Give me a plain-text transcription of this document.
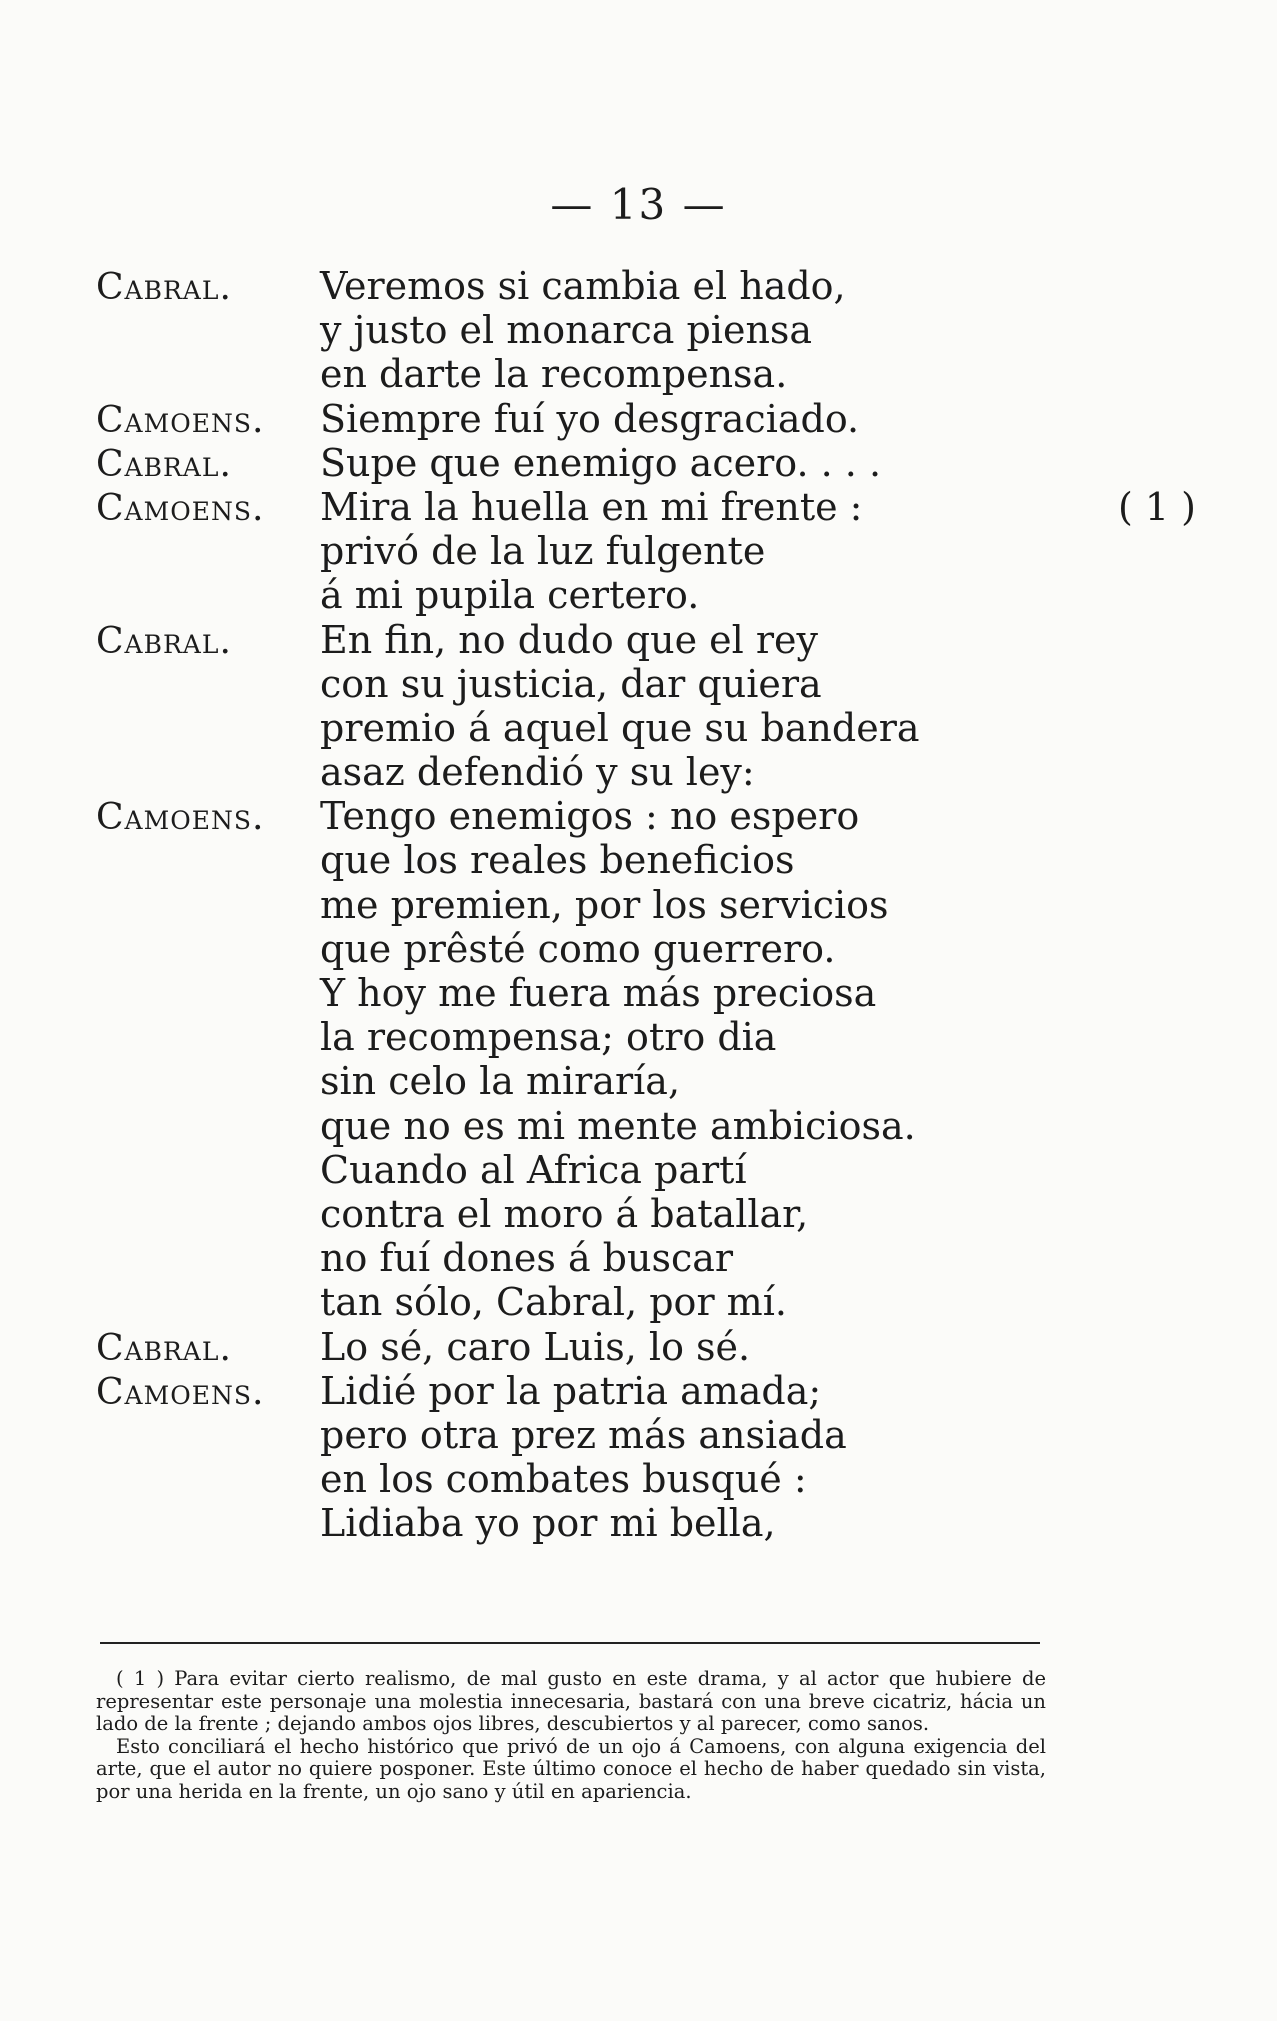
— 13 —
Cabral.	Veremos si cambia el hado,
y justo el monarca piensa
en darte la recompensa.
Camoens.	Siempre fuí yo desgraciado.
Cabral.	Supe que enemigo acero. . . .
Camoens.	Mira la huella en mi frente :	( 1 )
privó de la luz fulgente
á mi pupila certero.
Cabral.	En fin, no dudo que el rey
con su justicia, dar quiera
premio á aquel que su bandera
asaz defendió y su ley:
Camoens.	Tengo enemigos : no espero
que los reales beneficios
me premien, por los servicios
que prêsté como guerrero.
Y hoy me fuera más preciosa
la recompensa; otro dia
sin celo la miraría,
que no es mi mente ambiciosa.
Cuando al Africa partí
contra el moro á batallar,
no fuí dones á buscar
tan sólo, Cabral, por mí.
Cabral.	Lo sé, caro Luis, lo sé.
Camoens.	Lidié por la patria amada;
pero otra prez más ansiada
en los combates busqué :
Lidiaba yo por mi bella,

( 1 ) Para evitar cierto realismo, de mal gusto en este drama, y al actor que hubiere de representar este personaje una molestia innecesaria, bastará con una breve cicatriz, hácia un lado de la frente ; dejando ambos ojos libres, descubiertos y al parecer, como sanos.

Esto conciliará el hecho histórico que privó de un ojo á Camoens, con alguna exigencia del arte, que el autor no quiere posponer. Este último conoce el hecho de haber quedado sin vista, por una herida en la frente, un ojo sano y útil en apariencia.
